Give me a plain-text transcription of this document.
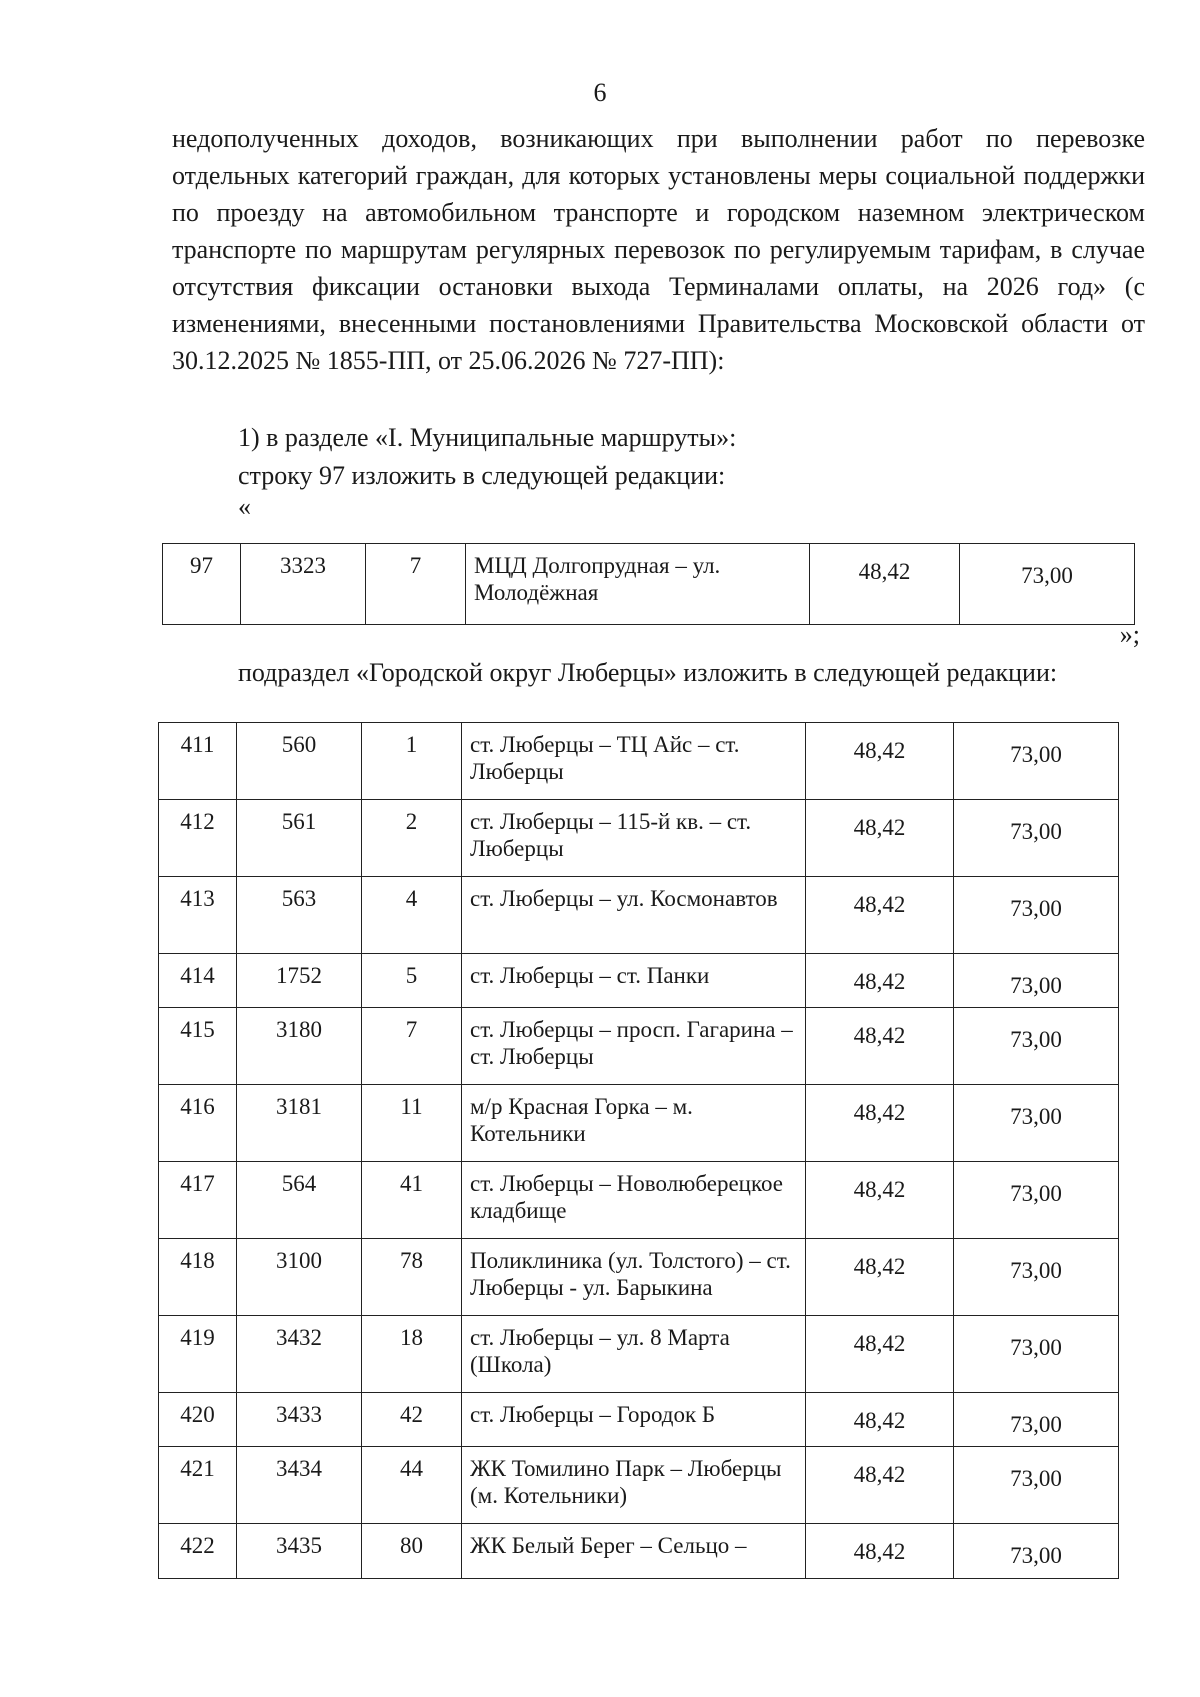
6

недополученных доходов, возникающих при выполнении работ по перевозке отдельных категорий граждан, для которых установлены меры социальной поддержки по проезду на автомобильном транспорте и городском наземном электрическом транспорте по маршрутам регулярных перевозок по регулируемым тарифам, в случае отсутствия фиксации остановки выхода Терминалами оплаты, на 2026 год» (с изменениями, внесенными постановлениями Правительства Московской области от 30.12.2025 № 1855-ПП, от 25.06.2026 № 727-ПП):

1) в разделе «I. Муниципальные маршруты»:

строку 97 изложить в следующей редакции:

«
97	3323	7	МЦД Долгопрудная – ул. Молодёжная	48,42	73,00
»;

подраздел «Городской округ Люберцы» изложить в следующей редакции:

411	560	1	ст. Люберцы – ТЦ Айс – ст. Люберцы	48,42	73,00
412	561	2	ст. Люберцы – 115-й кв. – ст. Люберцы	48,42	73,00
413	563	4	ст. Люберцы – ул. Космонавтов	48,42	73,00
414	1752	5	ст. Люберцы – ст. Панки	48,42	73,00
415	3180	7	ст. Люберцы – просп. Гагарина – ст. Люберцы	48,42	73,00
416	3181	11	м/р Красная Горка – м. Котельники	48,42	73,00
417	564	41	ст. Люберцы – Новолюберецкое кладбище	48,42	73,00
418	3100	78	Поликлиника (ул. Толстого) – ст. Люберцы - ул. Барыкина	48,42	73,00
419	3432	18	ст. Люберцы – ул. 8 Марта (Школа)	48,42	73,00
420	3433	42	ст. Люберцы – Городок Б	48,42	73,00
421	3434	44	ЖК Томилино Парк – Люберцы (м. Котельники)	48,42	73,00
422	3435	80	ЖК Белый Берег – Сельцо –	48,42	73,00
